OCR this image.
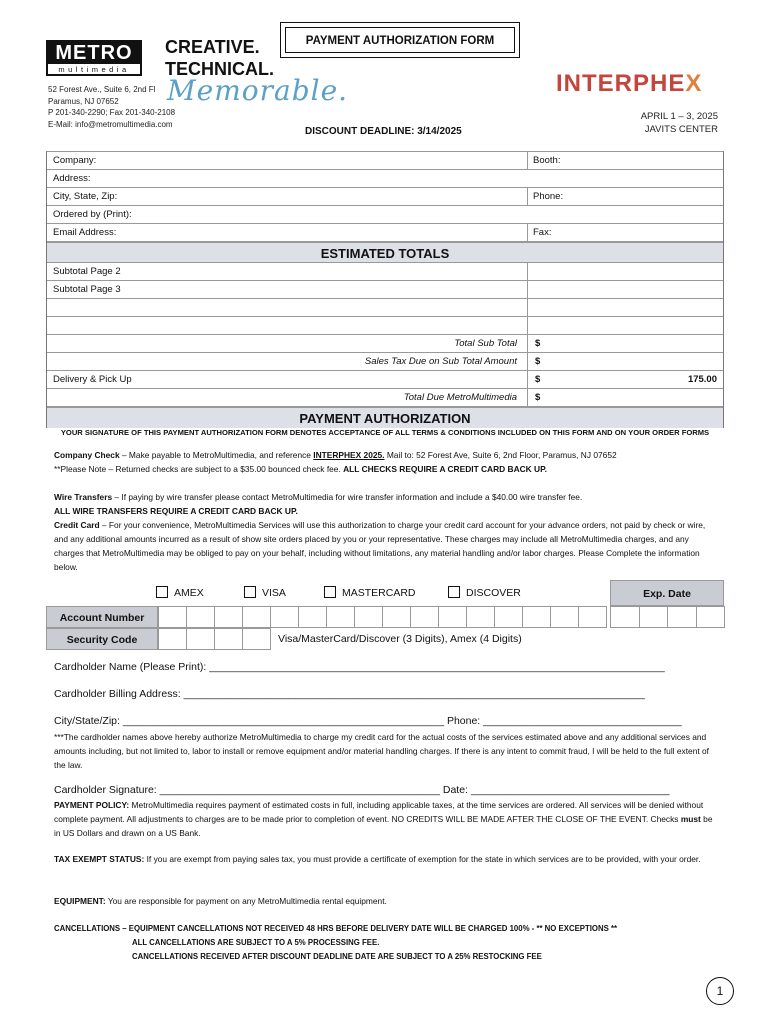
METRO
multimedia
CREATIVE.
TECHNICAL.
Memorable.
52 Forest Ave., Suite 6, 2nd Fl
Paramus, NJ 07652
P 201-340-2290; Fax 201-340-2108
E-Mail: info@metromultimedia.com
PAYMENT AUTHORIZATION FORM
DISCOUNT DEADLINE: 3/14/2025
INTERPHEX
APRIL 1 – 3, 2025
JAVITS CENTER
Company:	Booth:
Address:
City, State, Zip:	Phone:
Ordered by (Print):
Email Address:	Fax:
ESTIMATED TOTALS
Subtotal Page 2
Subtotal Page 3
Total Sub Total $
Sales Tax Due on Sub Total Amount $
Delivery & Pick Up	$	175.00
Total Due MetroMultimedia $
PAYMENT AUTHORIZATION
YOUR SIGNATURE OF THIS PAYMENT AUTHORIZATION FORM DENOTES ACCEPTANCE OF ALL TERMS & CONDITIONS INCLUDED ON THIS FORM AND ON YOUR ORDER FORMS
Company Check – Make payable to MetroMultimedia, and reference INTERPHEX 2025. Mail to: 52 Forest Ave, Suite 6, 2nd Floor, Paramus, NJ 07652
**Please Note – Returned checks are subject to a $35.00 bounced check fee. ALL CHECKS REQUIRE A CREDIT CARD BACK UP.
Wire Transfers – If paying by wire transfer please contact MetroMultimedia for wire transfer information and include a $40.00 wire transfer fee.
ALL WIRE TRANSFERS REQUIRE A CREDIT CARD BACK UP.
Credit Card – For your convenience, MetroMultimedia Services will use this authorization to charge your credit card account for your advance orders, not paid by check or wire, and any additional amounts incurred as a result of show site orders placed by you or your representative. These charges may include all MetroMultimedia charges, and any charges that MetroMultimedia may be obliged to pay on your behalf, including without limitations, any material handling and/or labor charges. Please Complete the information below.
AMEX	VISA	MASTERCARD	DISCOVER	Exp. Date
Account Number
Security Code	Visa/MasterCard/Discover (3 Digits), Amex (4 Digits)
Cardholder Name (Please Print): ______________________________________________________________________________
Cardholder Billing Address: _______________________________________________________________________________
City/State/Zip: _______________________________________________________ Phone: __________________________________
***The cardholder names above hereby authorize MetroMultimedia to charge my credit card for the actual costs of the services estimated above and any additional services and amounts including, but not limited to, labor to install or remove equipment and/or material handling charges. If there is any intent to commit fraud, I will be held to the full extent of the law.
Cardholder Signature: ________________________________________________ Date: __________________________________
PAYMENT POLICY: MetroMultimedia requires payment of estimated costs in full, including applicable taxes, at the time services are ordered. All services will be denied without complete payment. All adjustments to charges are to be made prior to completion of event. NO CREDITS WILL BE MADE AFTER THE CLOSE OF THE EVENT. Checks must be in US Dollars and drawn on a US Bank.
TAX EXEMPT STATUS: If you are exempt from paying sales tax, you must provide a certificate of exemption for the state in which services are to be provided, with your order.
EQUIPMENT: You are responsible for payment on any MetroMultimedia rental equipment.
CANCELLATIONS – EQUIPMENT CANCELLATIONS NOT RECEIVED 48 HRS BEFORE DELIVERY DATE WILL BE CHARGED 100% - ** NO EXCEPTIONS **
ALL CANCELLATIONS ARE SUBJECT TO A 5% PROCESSING FEE.
CANCELLATIONS RECEIVED AFTER DISCOUNT DEADLINE DATE ARE SUBJECT TO A 25% RESTOCKING FEE
1
